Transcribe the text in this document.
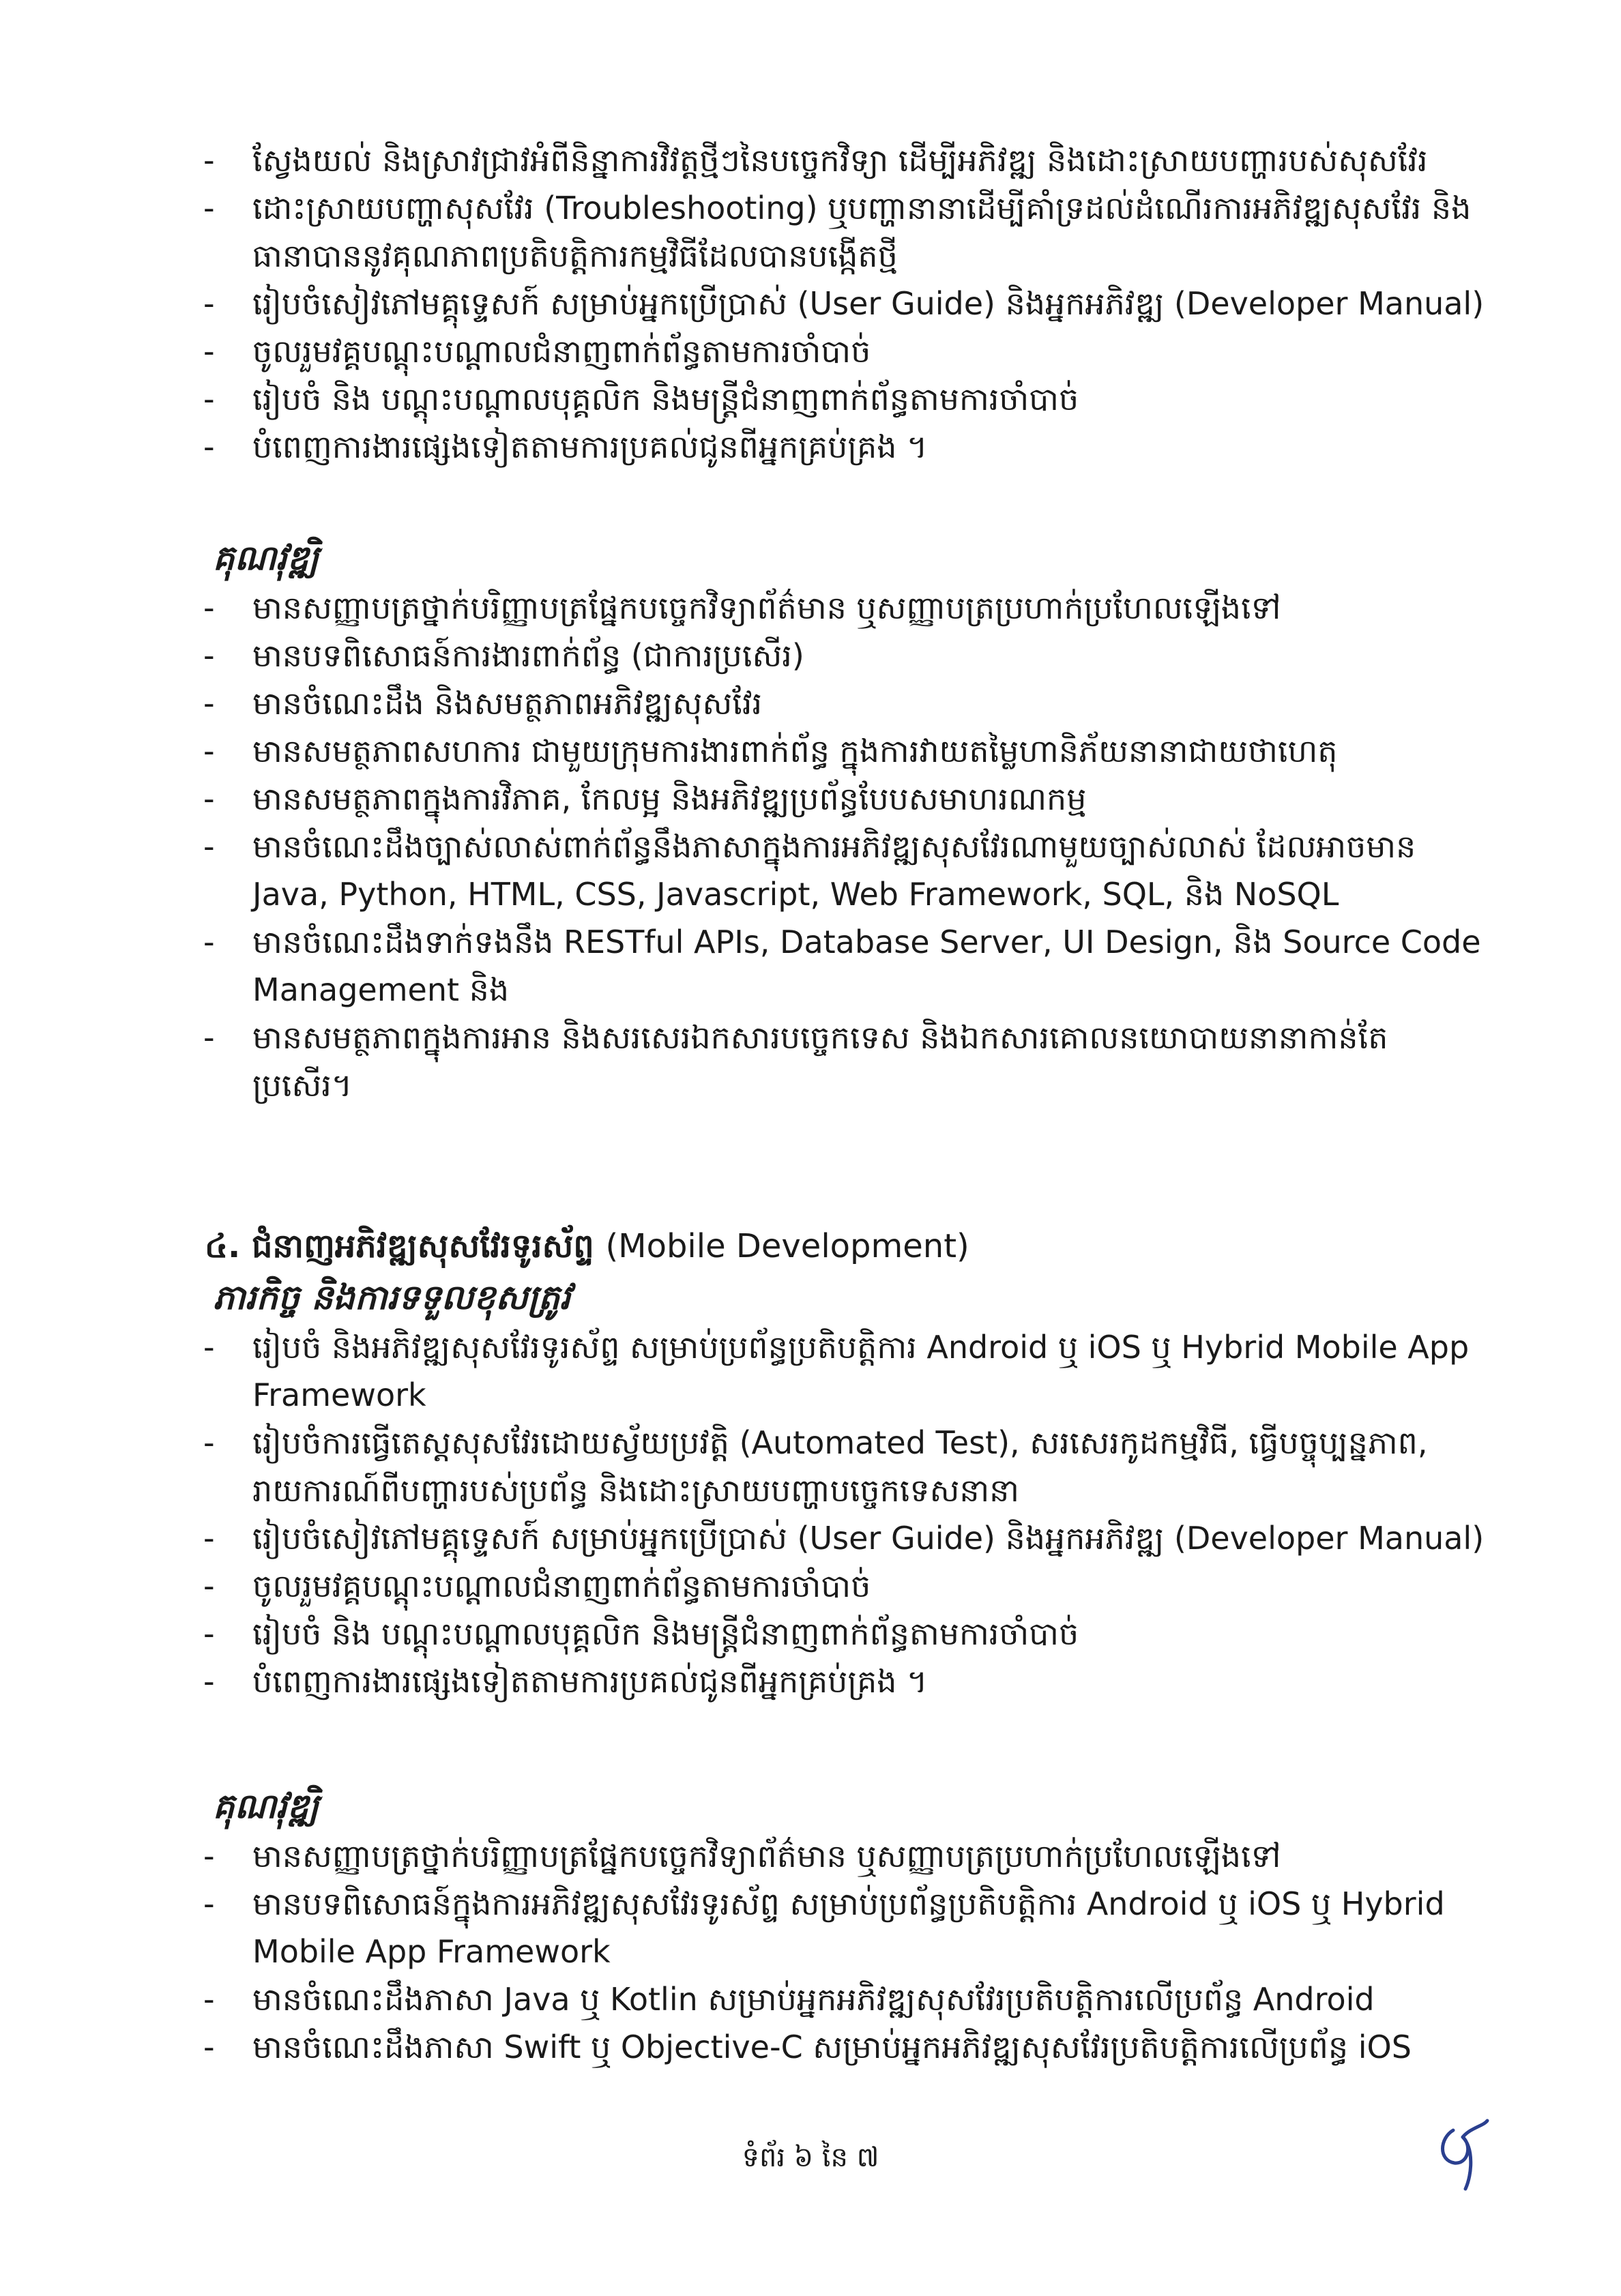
- ស្វែងយល់ និងស្រាវជ្រាវអំពីនិន្នាការវិវត្តថ្មីៗនៃបច្ចេកវិទ្យា ដើម្បីអភិវឌ្ឍ និងដោះស្រាយបញ្ហារបស់សុសវែរ

- ដោះស្រាយបញ្ហាសុសវែរ (Troubleshooting) ឬបញ្ហានានាដើម្បីគាំទ្រដល់ដំណើរការអភិវឌ្ឍសុសវែរ និងធានាបាននូវគុណភាពប្រតិបត្តិការកម្មវិធីដែលបានបង្កើតថ្មី

- រៀបចំសៀវភៅមគ្គុទ្ទេសក៍ សម្រាប់អ្នកប្រើប្រាស់ (User Guide) និងអ្នកអភិវឌ្ឍ (Developer Manual)

- ចូលរួមវគ្គបណ្តុះបណ្តាលជំនាញពាក់ព័ន្ធតាមការចាំបាច់

- រៀបចំ និង បណ្តុះបណ្តាលបុគ្គលិក និងមន្ត្រីជំនាញពាក់ព័ន្ធតាមការចាំបាច់

- បំពេញការងារផ្សេងទៀតតាមការប្រគល់ជូនពីអ្នកគ្រប់គ្រង ។

គុណវុឌ្ឍិ

- មានសញ្ញាបត្រថ្នាក់បរិញ្ញាបត្រផ្នែកបច្ចេកវិទ្យាព័ត៌មាន ឬសញ្ញាបត្រប្រហាក់ប្រហែលឡើងទៅ

- មានបទពិសោធន៍ការងារពាក់ព័ន្ធ (ជាការប្រសើរ)

- មានចំណេះដឹង និងសមត្ថភាពអភិវឌ្ឍសុសវែរ

- មានសមត្ថភាពសហការ ជាមួយក្រុមការងារពាក់ព័ន្ធ ក្នុងការវាយតម្លៃហានិភ័យនានាជាយថាហេតុ

- មានសមត្ថភាពក្នុងការវិភាគ, កែលម្អ និងអភិវឌ្ឍប្រព័ន្ធបែបសមាហរណកម្ម

- មានចំណេះដឹងច្បាស់លាស់ពាក់ព័ន្ធនឹងភាសាក្នុងការអភិវឌ្ឍសុសវែរណាមួយច្បាស់លាស់ ដែលអាចមាន Java, Python, HTML, CSS, Javascript, Web Framework, SQL, និង NoSQL

- មានចំណេះដឹងទាក់ទងនឹង RESTful APIs, Database Server, UI Design, និង Source Code Management និង

- មានសមត្ថភាពក្នុងការអាន និងសរសេរឯកសារបច្ចេកទេស និងឯកសារគោលនយោបាយនានាកាន់តែប្រសើរ។

៤. ជំនាញអភិវឌ្ឍសុសវែរទូរស័ព្ទ (Mobile Development)

ភារកិច្ច និងការទទួលខុសត្រូវ

- រៀបចំ និងអភិវឌ្ឍសុសវែរទូរស័ព្ទ សម្រាប់ប្រព័ន្ធប្រតិបត្តិការ Android ឬ iOS ឬ Hybrid Mobile App Framework

- រៀបចំការធ្វើតេស្តសុសវែរដោយស្វ័យប្រវត្តិ (Automated Test), សរសេរកូដកម្មវិធី, ធ្វើបច្ចុប្បន្នភាព, រាយការណ៍ពីបញ្ហារបស់ប្រព័ន្ធ និងដោះស្រាយបញ្ហាបច្ចេកទេសនានា

- រៀបចំសៀវភៅមគ្គុទ្ទេសក៍ សម្រាប់អ្នកប្រើប្រាស់ (User Guide) និងអ្នកអភិវឌ្ឍ (Developer Manual)

- ចូលរួមវគ្គបណ្តុះបណ្តាលជំនាញពាក់ព័ន្ធតាមការចាំបាច់

- រៀបចំ និង បណ្តុះបណ្តាលបុគ្គលិក និងមន្ត្រីជំនាញពាក់ព័ន្ធតាមការចាំបាច់

- បំពេញការងារផ្សេងទៀតតាមការប្រគល់ជូនពីអ្នកគ្រប់គ្រង ។

គុណវុឌ្ឍិ

- មានសញ្ញាបត្រថ្នាក់បរិញ្ញាបត្រផ្នែកបច្ចេកវិទ្យាព័ត៌មាន ឬសញ្ញាបត្រប្រហាក់ប្រហែលឡើងទៅ

- មានបទពិសោធន៍ក្នុងការអភិវឌ្ឍសុសវែរទូរស័ព្ទ សម្រាប់ប្រព័ន្ធប្រតិបត្តិការ Android ឬ iOS ឬ Hybrid Mobile App Framework

- មានចំណេះដឹងភាសា Java ឬ Kotlin សម្រាប់អ្នកអភិវឌ្ឍសុសវែរប្រតិបត្តិការលើប្រព័ន្ធ Android

- មានចំណេះដឹងភាសា Swift ឬ Objective-C សម្រាប់អ្នកអភិវឌ្ឍសុសវែរប្រតិបត្តិការលើប្រព័ន្ធ iOS

ទំព័រ ៦ នៃ ៧
